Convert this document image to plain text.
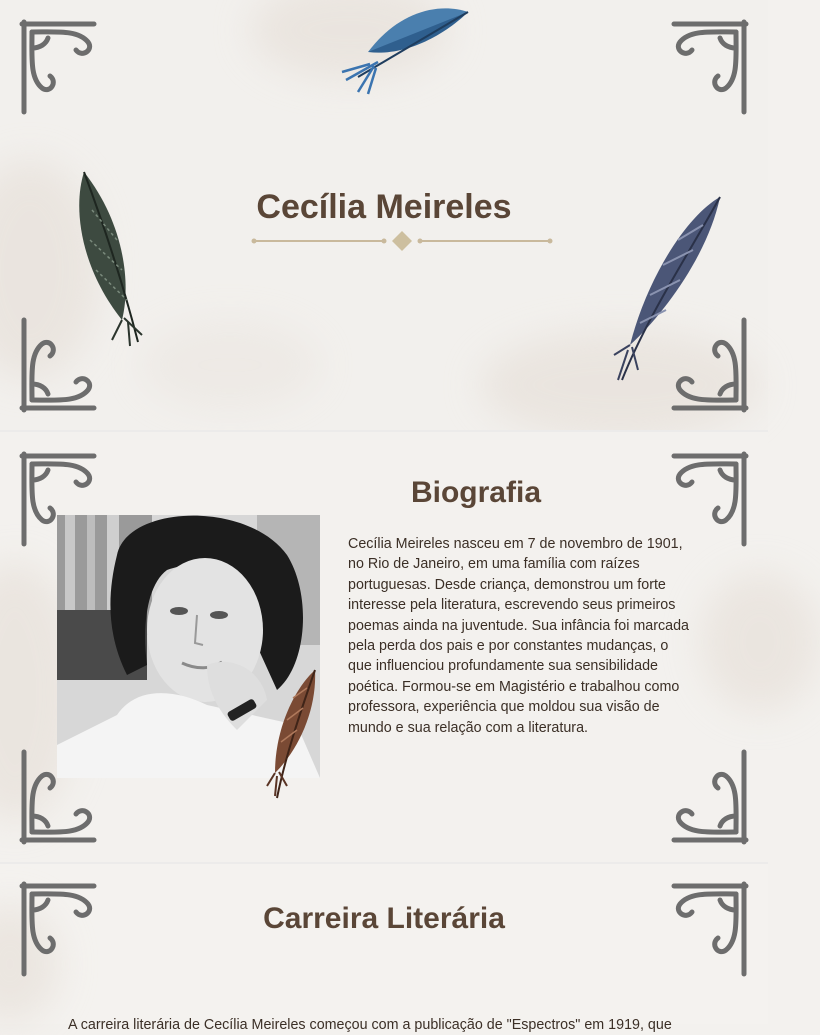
Cecília Meireles
Biografia

Cecília Meireles nasceu em 7 de novembro de 1901, no Rio de Janeiro, em uma família com raízes portuguesas. Desde criança, demonstrou um forte interesse pela literatura, escrevendo seus primeiros poemas ainda na juventude. Sua infância foi marcada pela perda dos pais e por constantes mudanças, o que influenciou profundamente sua sensibilidade poética. Formou-se em Magistério e trabalhou como professora, experiência que moldou sua visão de mundo e sua relação com a literatura.

Carreira Literária

A carreira literária de Cecília Meireles começou com a publicação de "Espectros" em 1919, que
